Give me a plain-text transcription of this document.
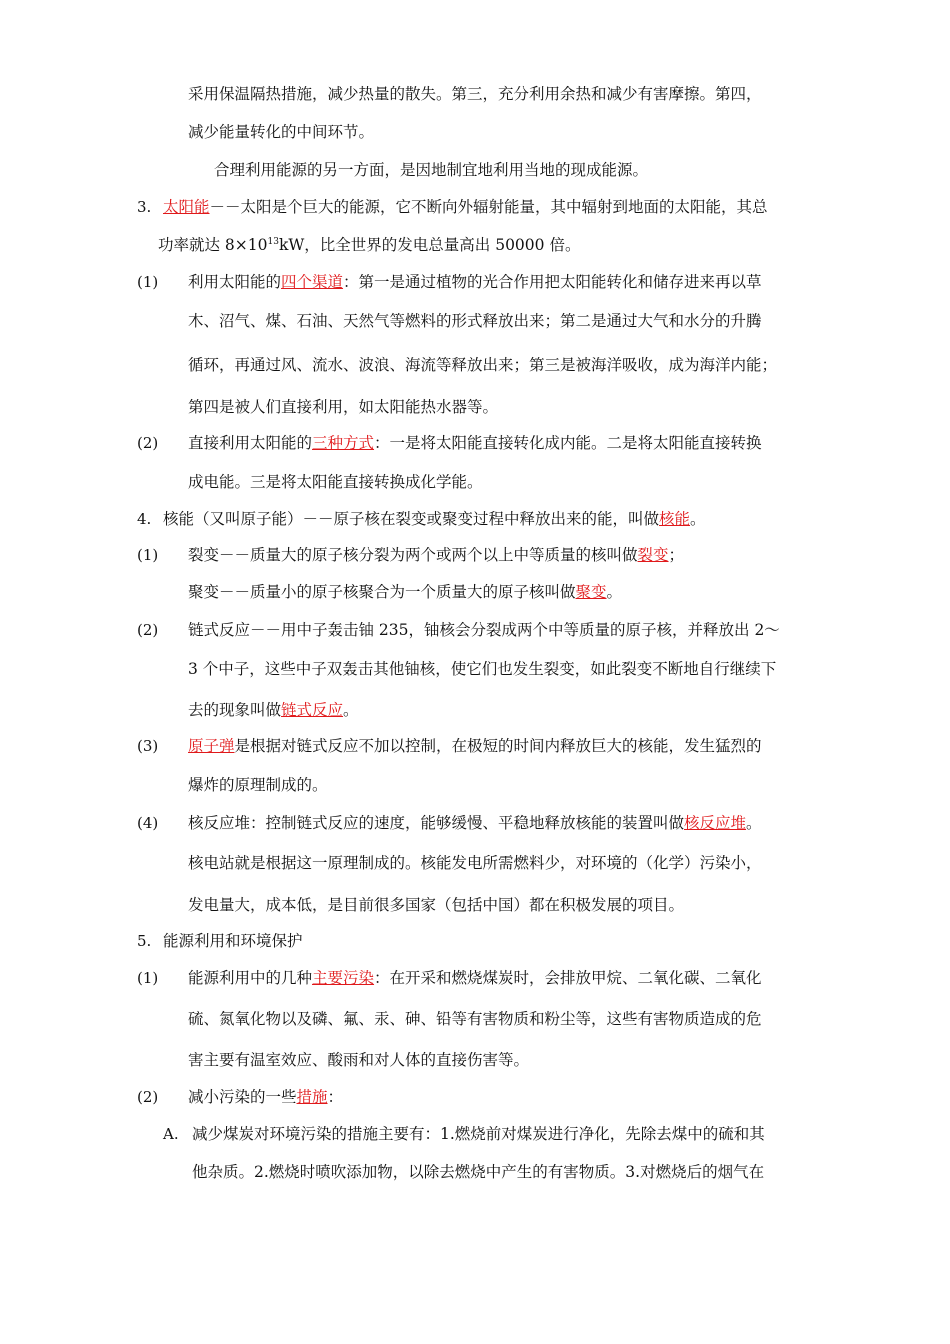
采用保温隔热措施，减少热量的散失。第三，充分利用余热和减少有害摩擦。第四，
减少能量转化的中间环节。
合理利用能源的另一方面，是因地制宜地利用当地的现成能源。
3. 太阳能－－太阳是个巨大的能源，它不断向外辐射能量，其中辐射到地面的太阳能，其总
功率就达 $8\times 10^{13}kW$，比全世界的发电总量高出 50000 倍。
(1) 利用太阳能的四个渠道：第一是通过植物的光合作用把太阳能转化和储存进来再以草
木、沼气、煤、石油、天然气等燃料的形式释放出来；第二是通过大气和水分的升腾
循环，再通过风、流水、波浪、海流等释放出来；第三是被海洋吸收，成为海洋内能；
第四是被人们直接利用，如太阳能热水器等。
(2) 直接利用太阳能的三种方式：一是将太阳能直接转化成内能。二是将太阳能直接转换
成电能。三是将太阳能直接转换成化学能。
4. 核能（又叫原子能）－－原子核在裂变或聚变过程中释放出来的能，叫做核能。
(1) 裂变－－质量大的原子核分裂为两个或两个以上中等质量的核叫做裂变；
聚变－－质量小的原子核聚合为一个质量大的原子核叫做聚变。
(2) 链式反应－－用中子轰击铀 235，铀核会分裂成两个中等质量的原子核，并释放出 2～
3 个中子，这些中子双轰击其他铀核，使它们也发生裂变，如此裂变不断地自行继续下
去的现象叫做链式反应。
(3) 原子弹是根据对链式反应不加以控制，在极短的时间内释放巨大的核能，发生猛烈的
爆炸的原理制成的。
(4) 核反应堆：控制链式反应的速度，能够缓慢、平稳地释放核能的装置叫做核反应堆。
核电站就是根据这一原理制成的。核能发电所需燃料少，对环境的（化学）污染小，
发电量大，成本低，是目前很多国家（包括中国）都在积极发展的项目。
5. 能源利用和环境保护
(1) 能源利用中的几种主要污染：在开采和燃烧煤炭时，会排放甲烷、二氧化碳、二氧化
硫、氮氧化物以及磷、氟、汞、砷、铅等有害物质和粉尘等，这些有害物质造成的危
害主要有温室效应、酸雨和对人体的直接伤害等。
(2) 减小污染的一些措施：
A. 减少煤炭对环境污染的措施主要有：1.燃烧前对煤炭进行净化，先除去煤中的硫和其
他杂质。2.燃烧时喷吹添加物，以除去燃烧中产生的有害物质。3.对燃烧后的烟气在
